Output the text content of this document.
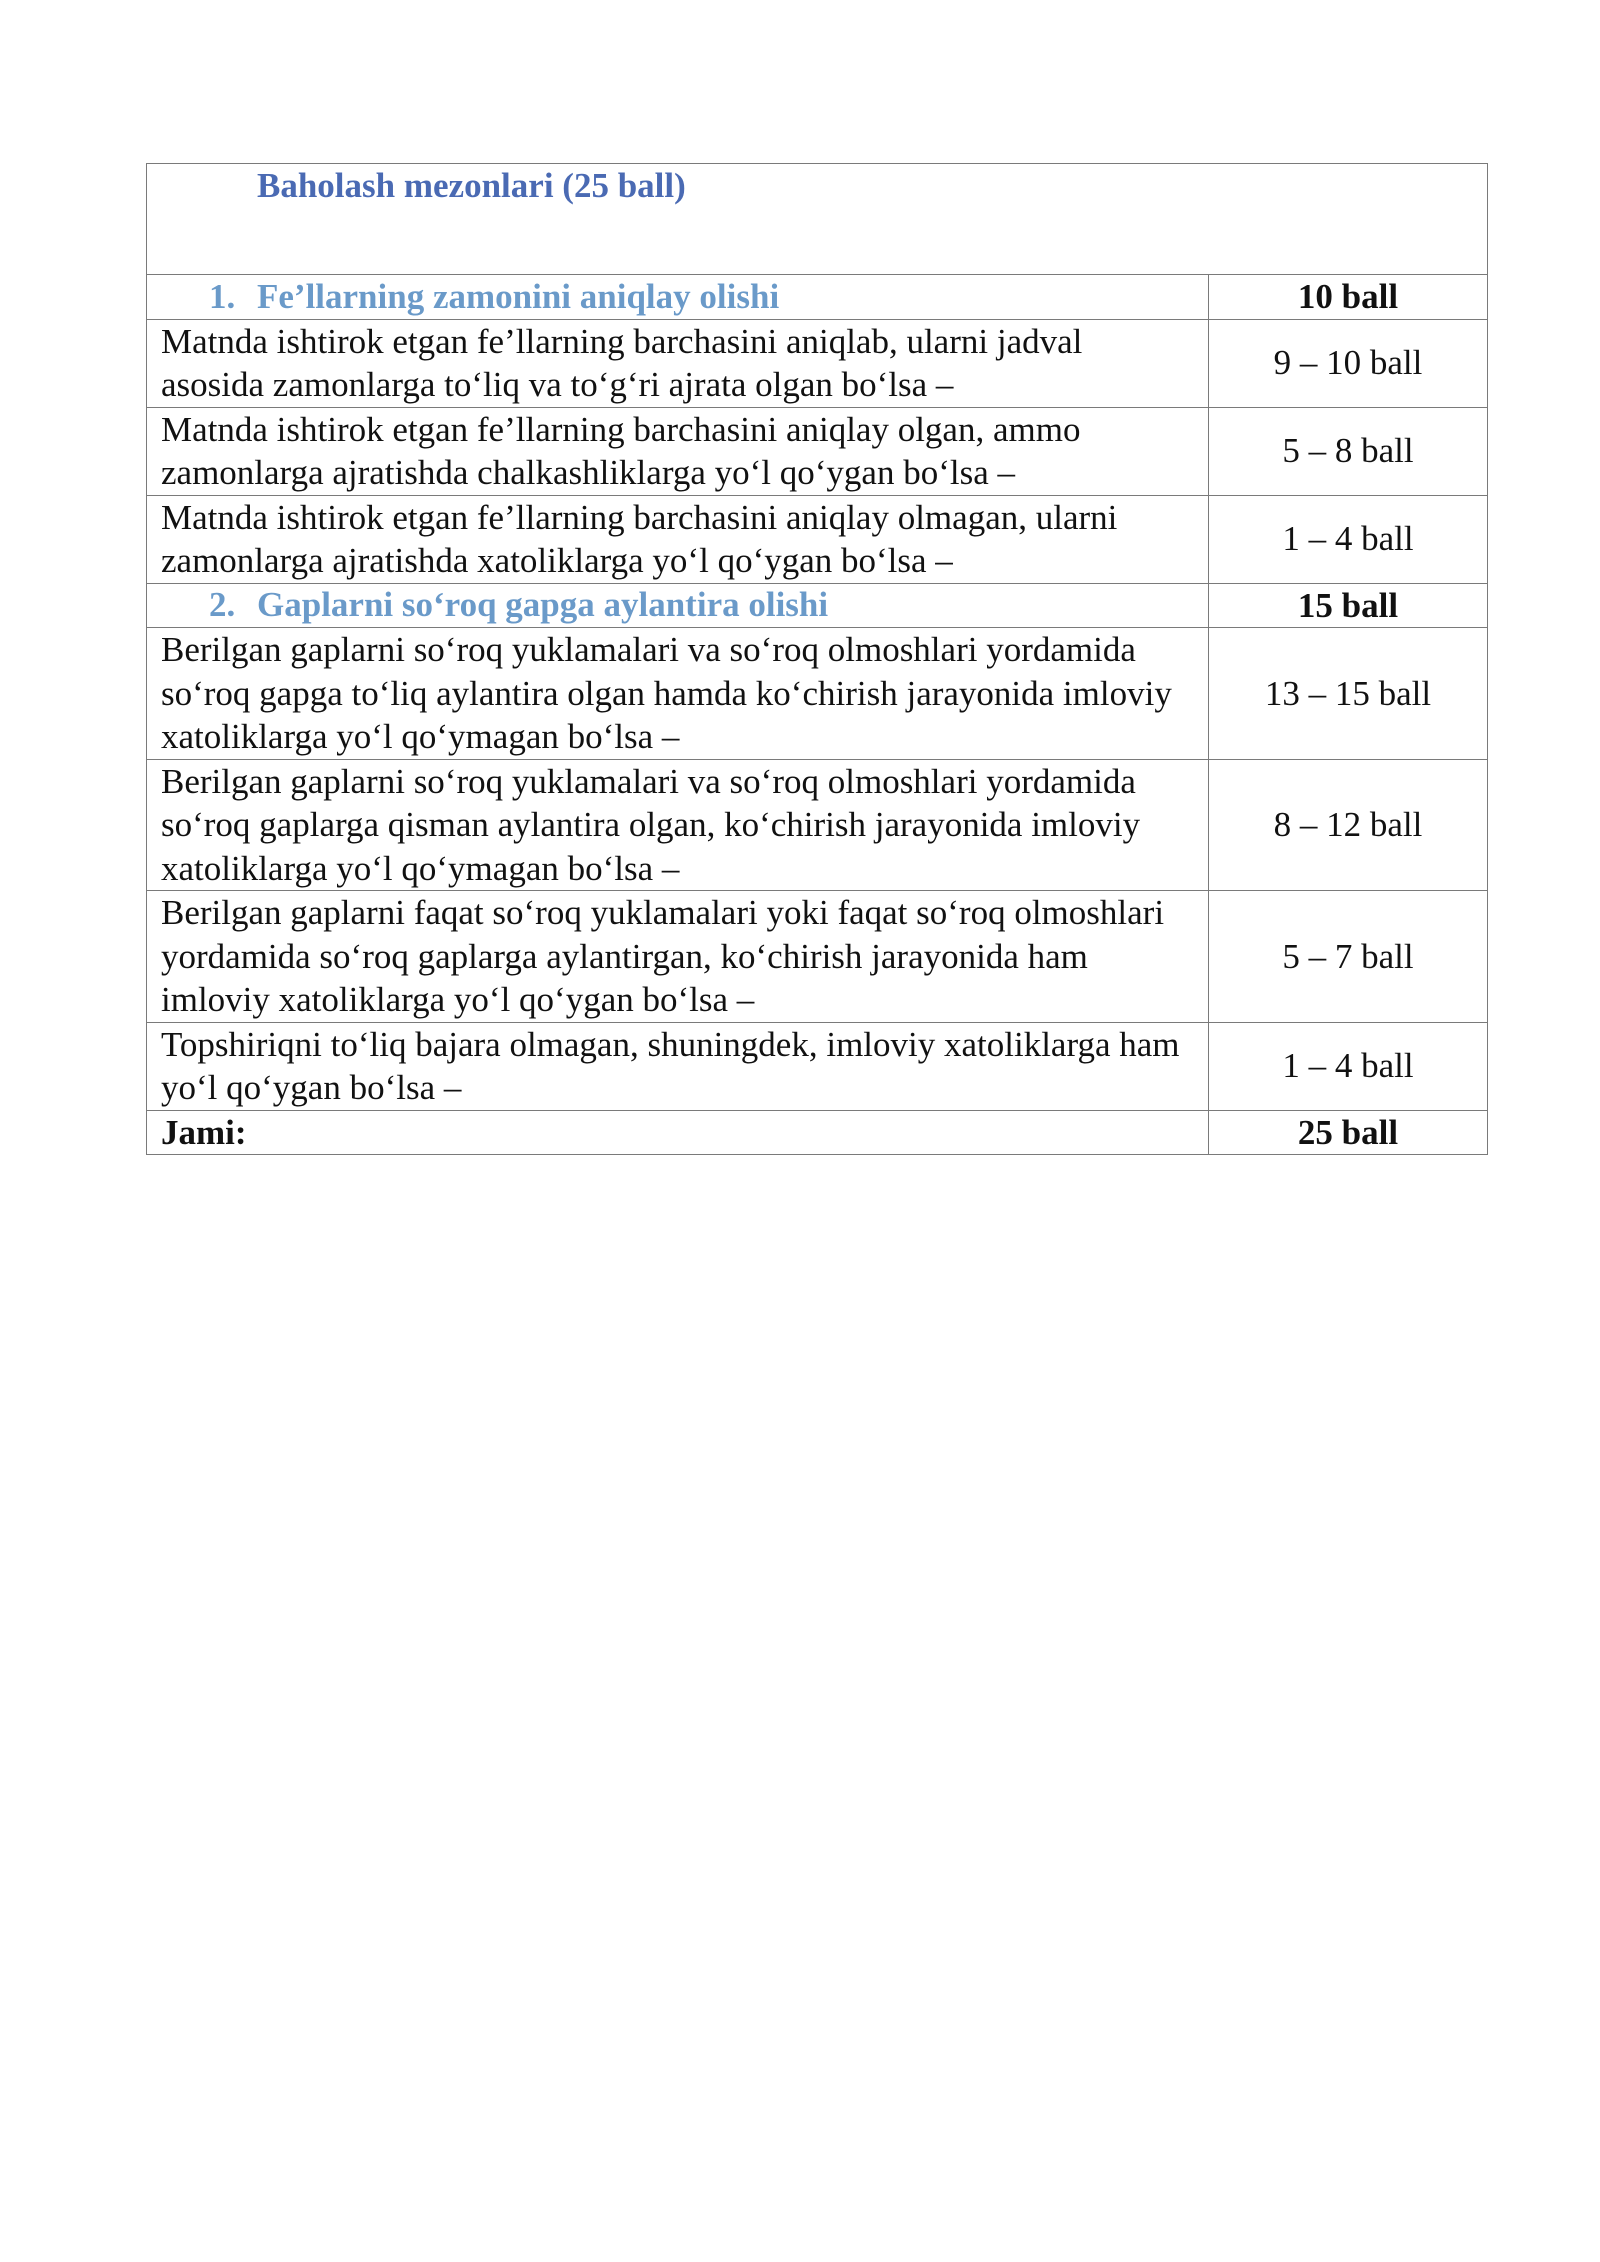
Baholash mezonlari (25 ball)	

1. Fe’llarning zamonini aniqlay olishi	10 ball
Matnda ishtirok etgan fe’llarning barchasini aniqlab, ularni jadval asosida zamonlarga to‘liq va to‘g‘ri ajrata olgan bo‘lsa –	9 – 10 ball
Matnda ishtirok etgan fe’llarning barchasini aniqlay olgan, ammo zamonlarga ajratishda chalkashliklarga yo‘l qo‘ygan bo‘lsa –	5 – 8 ball
Matnda ishtirok etgan fe’llarning barchasini aniqlay olmagan, ularni zamonlarga ajratishda xatoliklarga yo‘l qo‘ygan bo‘lsa –	1 – 4 ball
2. Gaplarni so‘roq gapga aylantira olishi	15 ball
Berilgan gaplarni so‘roq yuklamalari va so‘roq olmoshlari yordamida so‘roq gapga to‘liq aylantira olgan hamda ko‘chirish jarayonida imloviy xatoliklarga yo‘l qo‘ymagan bo‘lsa –	13 – 15 ball
Berilgan gaplarni so‘roq yuklamalari va so‘roq olmoshlari yordamida so‘roq gaplarga qisman aylantira olgan, ko‘chirish jarayonida imloviy xatoliklarga yo‘l qo‘ymagan bo‘lsa –	8 – 12 ball
Berilgan gaplarni faqat so‘roq yuklamalari yoki faqat so‘roq olmoshlari yordamida so‘roq gaplarga aylantirgan, ko‘chirish jarayonida ham imloviy xatoliklarga yo‘l qo‘ygan bo‘lsa –	5 – 7 ball
Topshiriqni to‘liq bajara olmagan, shuningdek, imloviy xatoliklarga ham yo‘l qo‘ygan bo‘lsa –	1 – 4 ball
Jami:	25 ball
